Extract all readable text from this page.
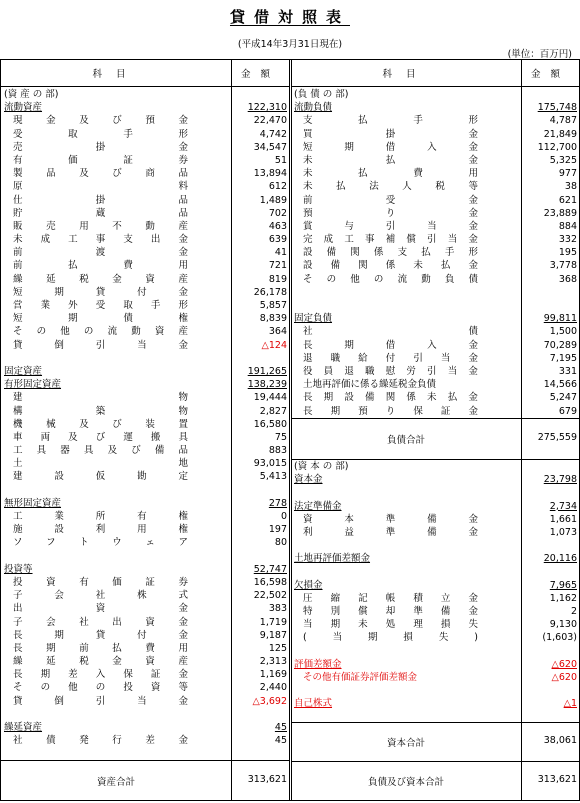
貸借対照表
(平成14年3月31日現在)
(単位：百万円)
科目	金額
(資 産 の 部)
流動資産	122,310
現 金 及 び 預 金	22,470
受	取	手	形	4,742
売	掛	金	34,547
有	価	証	券	51
製 品 及 び 商 品	13,894
原	料	612
仕	掛	品	1,489
貯	蔵	品	702
販 売 用 不 動 産	463
未 成 工 事 支 出 金	639
前	渡	金	41
前	払	費	用	721
繰 延 税 金 資 産	819
短	期	貸	付	金	26,178
営 業 外 受 取 手 形	5,857
短	期	債	権	8,839
そ の 他 の 流 動 資 産	364
貸	倒	引	当	金	△124
固定資産	191,265
有形固定資産	138,239
建	物	19,444
構	築	物	2,827
機 械 及 び 装 置	16,580
車 両 及 び 運 搬 具	75
工 具 器 具 及 び 備 品	883
土	地	93,015
建	設	仮	勘	定	5,413
無形固定資産	278
工	業	所	有	権	0
施	設	利	用	権	197
ソ フ ト ウ ェ ア	80
投資等	52,747
投 資 有 価 証 券	16,598
子	会	社	株	式	22,502
出	資	金	383
子 会 社 出 資 金	1,719
長	期	貸	付	金	9,187
長 期 前 払 費 用	125
繰 延 税 金 資 産	2,313
長 期 差 入 保 証 金	1,169
そ の 他 の 投 資 等	2,440
貸	倒	引	当	金	△3,692
繰延資産	45
社 債 発 行 差 金	45
資産合計	313,621
科目	金額
(負 債 の 部)
流動負債	175,748
支	払	手	形	4,787
買	掛	金	21,849
短	期	借	入	金	112,700
未	払	金	5,325
未	払	費	用	977
未 払 法 人 税 等	38
前	受	金	621
預	り	金	23,889
賞	与	引	当	金	884
完 成 工 事 補 償 引 当 金	332
設 備 関 係 支 払 手 形	195
設 備 関 係 未 払 金	3,778
そ の 他 の 流 動 負 債	368
固定負債	99,811
社	債	1,500
長	期	借	入	金	70,289
退 職 給 付 引 当 金	7,195
役 員 退 職 慰 労 引 当 金	331
土地再評価に係る繰延税金負債	14,566
長 期 設 備 関 係 未 払 金	5,247
長 期 預 り 保 証 金	679
負債合計	275,559
(資 本 の 部)
資本金	23,798
法定準備金	2,734
資	本	準	備	金	1,661
利	益	準	備	金	1,073
土地再評価差額金	20,116
欠損金	7,965
圧 縮 記 帳 積 立 金	1,162
特 別 償 却 準 備 金	2
当 期 未 処 理 損 失	9,130
(	当	期	損	失	)	(1,603)
評価差額金	△620
その他有価証券評価差額金	△620
自己株式	△1
資本合計	38,061
負債及び資本合計	313,621
